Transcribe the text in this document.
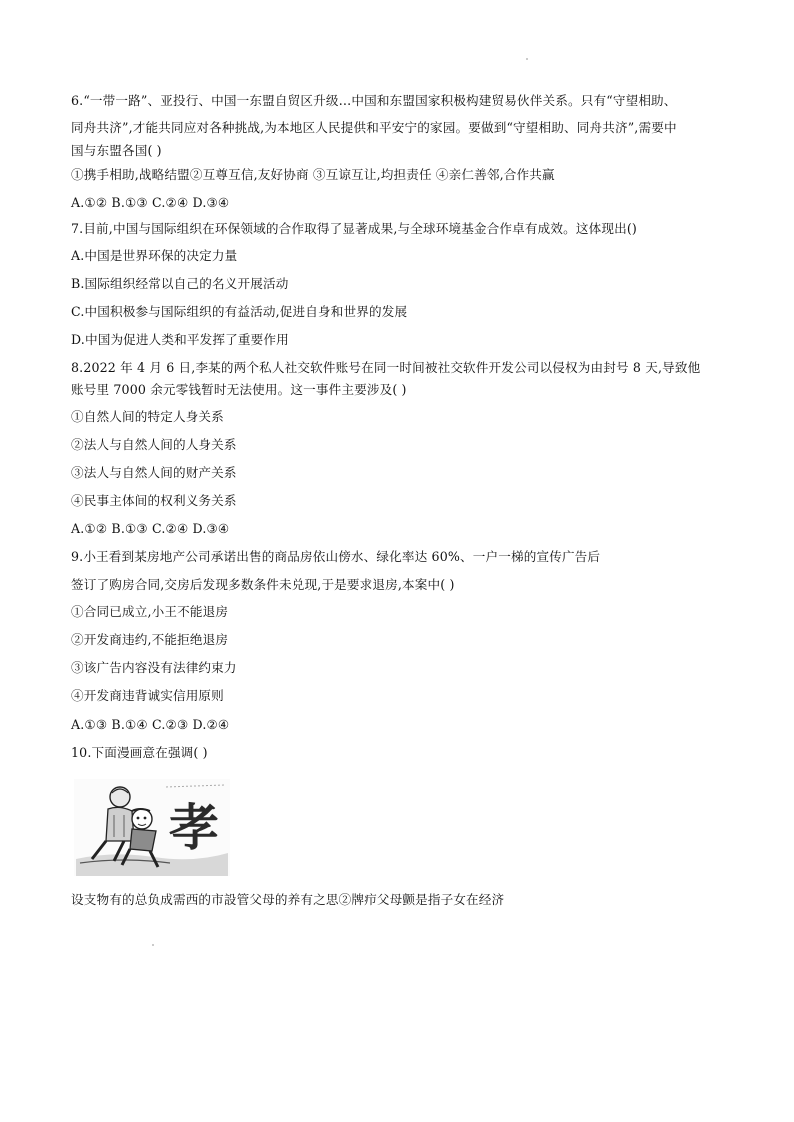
6.“一带一路”、亚投行、中国一东盟自贸区升级…中国和东盟国家积极构建贸易伙伴关系。只有“守望相助、
同舟共济”,才能共同应对各种挑战,为本地区人民提供和平安宁的家园。要做到“守望相助、同舟共济”,需要中
国与东盟各国( )
①携手相助,战略结盟②互尊互信,友好协商 ③互谅互让,均担责任 ④亲仁善邻,合作共赢
A.①② B.①③ C.②④ D.③④
7.目前,中国与国际组织在环保领域的合作取得了显著成果,与全球环境基金合作卓有成效。这体现出()
A.中国是世界环保的决定力量
B.国际组织经常以自己的名义开展活动
C.中国积极参与国际组织的有益活动,促进自身和世界的发展
D.中国为促进人类和平发挥了重要作用
8.2022 年 4 月 6 日,李某的两个私人社交软件账号在同一时间被社交软件开发公司以侵权为由封号 8 天,导致他
账号里 7000 余元零钱暂时无法使用。这一事件主要涉及( )
①自然人间的特定人身关系
②法人与自然人间的人身关系
③法人与自然人间的财产关系
④民事主体间的权利义务关系
A.①② B.①③ C.②④ D.③④
9.小王看到某房地产公司承诺出售的商品房依山傍水、绿化率达 60%、一户一梯的宣传广告后
签订了购房合同,交房后发现多数条件未兑现,于是要求退房,本案中( )
①合同已成立,小王不能退房
②开发商违约,不能拒绝退房
③该广告内容没有法律约束力
④开发商违背诚实信用原则
A.①③ B.①④ C.②③ D.②④
10.下面漫画意在强调( )
孝
设支物有的总负成需西的市設管父母的养有之思②牌疖父母颤是指子女在经济
